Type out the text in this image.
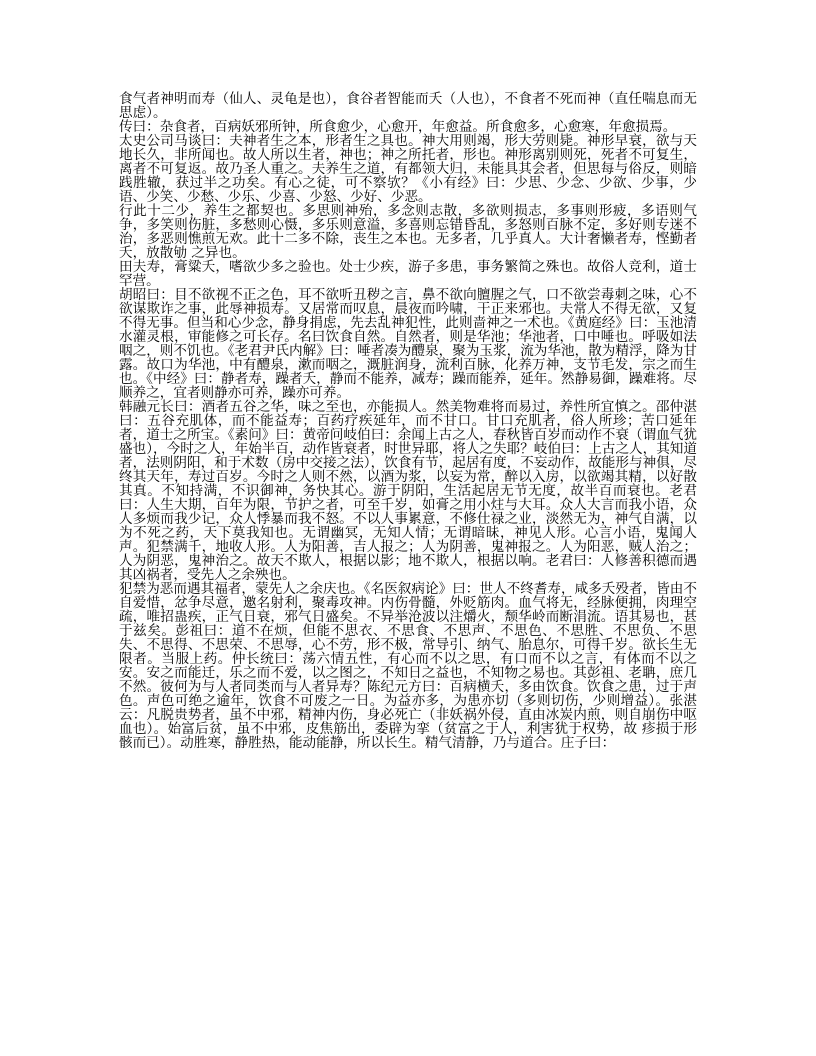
食气者神明而寿（仙人、灵龟是也），食谷者智能而夭（人也），不食者不死而神（直任喘息而无思虑）。

传曰：杂食者，百病妖邪所钟，所食愈少，心愈开，年愈益。所食愈多，心愈寒，年愈损焉。

太史公司马谈曰：夫神者生之本，形者生之具也。神大用则竭，形大劳则毙。神形早衰，欲与天地长久，非所闻也。故人所以生者，神也；神之所托者，形也。神形离别则死，死者不可复生，离者不可复返。故乃圣人重之。夫养生之道，有都领大归，未能具其会者，但思每与俗反，则暗践胜辙，获过半之功矣。有心之徒，可不察欤？《小有经》曰：少思、少念、少欲、少事，少语、少笑、少愁、少乐、少喜、少怒、少好、少恶。

行此十二少，养生之都契也。多思则神殆，多念则志散，多欲则损志，多事则形疲，多语则气争，多笑则伤脏，多愁则心慑，多乐则意溢，多喜则忘错昏乱，多怒则百脉不定，多好则专迷不治，多恶则憔煎无欢。此十二多不除，丧生之本也。无多者，几乎真人。大计奢懒者寿，悭勤者夭，放散劬 之异也。

田夫寿，膏粱夭，嗜欲少多之验也。处士少疾，游子多患，事务繁简之殊也。故俗人竞利，道士罕营。

胡昭曰：目不欲视不正之色，耳不欲听丑秽之言，鼻不欲向膻腥之气，口不欲尝毒刺之味，心不欲谋欺诈之事，此辱神损寿。又居常而叹息，晨夜而吟啸，干正来邪也。夫常人不得无欲，又复不得无事。但当和心少念，静身捐虑，先去乱神犯性，此则啬神之一术也。《黄庭经》曰：玉池清水灌灵根，审能修之可长存。名曰饮食自然。自然者，则是华池；华池者，口中唾也。呼吸如法咽之，则不饥也。《老君尹氏内解》曰：唾者凑为醴泉，聚为玉浆，流为华池，散为精浮，降为甘露。故口为华池，中有醴泉，漱而咽之，溉脏润身，流利百脉，化养万神，支节毛发，宗之而生也。《中经》曰：静者寿，躁者夭，静而不能养，减寿；躁而能养，延年。然静易御，躁难将。尽顺养之，宜者则静亦可养，躁亦可养。

韩融元长曰：酒者五谷之华，味之至也，亦能损人。然美物难将而易过，养性所宜慎之。邵仲湛曰：五谷充肌体，而不能益寿；百药疗疾延年，而不甘口。甘口充肌者，俗人所珍；苦口延年者，道士之所宝。《素问》曰：黄帝问岐伯曰：余闻上古之人，春秋皆百岁而动作不衰（谓血气犹盛也），今时之人，年始半百，动作皆衰者，时世异耶，将人之失耶？岐伯曰：上古之人，其知道者，法则阴阳，和于术数（房中交接之法），饮食有节，起居有度，不妄动作，故能形与神俱，尽终其天年，寿过百岁。今时之人则不然，以酒为浆，以妄为常，醉以入房，以欲竭其精，以好散其真。不知持满，不识御神，务快其心。游于阴阳，生活起居无节无度，故半百而衰也。老君曰：人生大期，百年为限，节护之者，可至千岁，如膏之用小炷与大耳。众人大言而我小语，众人多烦而我少记，众人悸暴而我不怒。不以人事累意，不修仕禄之业，淡然无为，神气自满，以为不死之药，天下莫我知也。无谓幽冥，无知人情；无谓暗昧，神见人形。心言小语，鬼闻人声。犯禁满千，地收人形。人为阳善，吉人报之；人为阴善，鬼神报之。人为阳恶，贼人治之；人为阴恶，鬼神治之。故天不欺人，根据以影；地不欺人，根据以响。老君曰：人修善积德而遇其凶祸者，受先人之余殃也。

犯禁为恶而遇其福者，蒙先人之余庆也。《名医叙病论》曰：世人不终耆寿，咸多夭殁者，皆由不自爱惜，忿争尽意，邀名射利，聚毒攻神。内伤骨髓，外贬筋肉。血气将无，经脉便拥，肉理空疏，唯招蛊疾，正气日衰，邪气日盛矣。不异举沧波以注爝火，颓华岭而断涓流。语其易也，甚于兹矣。彭祖曰：道不在烦，但能不思衣、不思食、不思声、不思色、不思胜、不思负、不思失、不思得、不思荣、不思辱，心不劳，形不极，常导引、纳气、胎息尔，可得千岁。欲长生无限者。当服上药。仲长统曰：荡六情五性，有心而不以之思，有口而不以之言，有体而不以之安。安之而能迁，乐之而不爱，以之图之，不知日之益也，不知物之易也。其彭祖、老聃，庶几不然。彼何为与人者同类而与人者异寿？陈纪元方曰：百病横夭，多由饮食。饮食之患，过于声色。声色可绝之逾年，饮食不可废之一日。为益亦多，为患亦切（多则切伤，少则增益）。张湛云：凡脱贵势者，虽不中邪，精神内伤，身必死亡（非妖祸外侵，直由冰炭内煎，则自崩伤中呕血也）。始富后贫，虽不中邪，皮焦筋出，委辟为挛（贫富之于人，利害犹于权势，故 疹损于形骸而已）。动胜寒，静胜热，能动能静，所以长生。精气清静，乃与道合。庄子曰：
